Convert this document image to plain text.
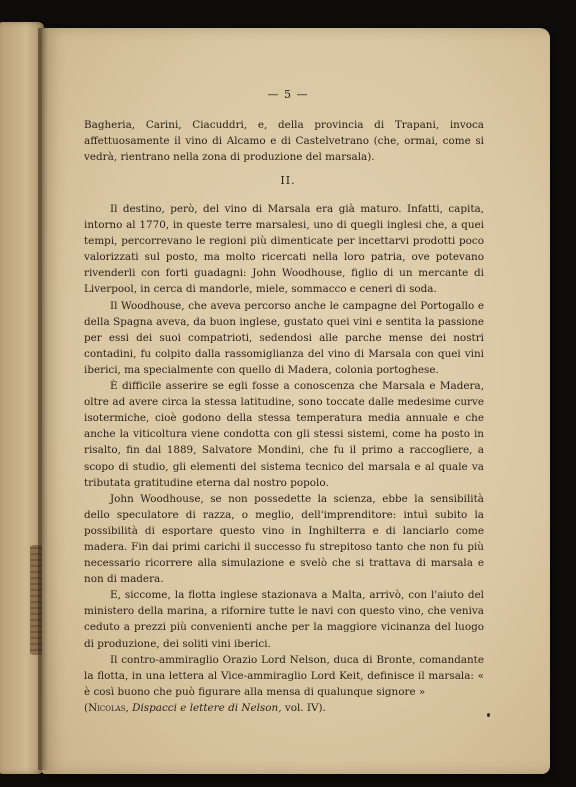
— 5 —

Bagheria, Carini, Ciacuddri, e, della provincia di Trapani, invoca affettuosamente il vino di Alcamo e di Castelvetrano (che, ormai, come si vedrà, rientrano nella zona di produzione del marsala).

II.

Il destino, però, del vino di Marsala era già maturo. Infatti, capita, intorno al 1770, in queste terre marsalesi, uno di quegli inglesi che, a quei tempi, percorrevano le regioni più dimenticate per incettarvi prodotti poco valorizzati sul posto, ma molto ricercati nella loro patria, ove potevano rivenderli con forti guadagni: John Woodhouse, figlio di un mercante di Liverpool, in cerca di mandorle, miele, sommacco e ceneri di soda.

Il Woodhouse, che aveva percorso anche le campagne del Portogallo e della Spagna aveva, da buon inglese, gustato quei vini e sentita la passione per essi dei suoi compatrioti, sedendosi alle parche mense dei nostri contadini, fu colpito dalla rassomiglianza del vino di Marsala con quei vini iberici, ma specialmente con quello di Madera, colonia portoghese.

È difficile asserire se egli fosse a conoscenza che Marsala e Madera, oltre ad avere circa la stessa latitudine, sono toccate dalle medesime curve isotermiche, cioè godono della stessa temperatura media annuale e che anche la viticoltura viene condotta con gli stessi sistemi, come ha posto in risalto, fin dal 1889, Salvatore Mondini, che fu il primo a raccogliere, a scopo di studio, gli elementi del sistema tecnico del marsala e al quale va tributata gratitudine eterna dal nostro popolo.

John Woodhouse, se non possedette la scienza, ebbe la sensibilità dello speculatore di razza, o meglio, dell'imprenditore: intuì subito la possibilità di esportare questo vino in Inghilterra e di lanciarlo come madera. Fin dai primi carichi il successo fu strepitoso tanto che non fu più necessario ricorrere alla simulazione e svelò che si trattava di marsala e non di madera.

E, siccome, la flotta inglese stazionava a Malta, arrivò, con l'aiuto del ministero della marina, a rifornire tutte le navi con questo vino, che veniva ceduto a prezzi più convenienti anche per la maggiore vicinanza del luogo di produzione, dei soliti vini iberici.

Il contro-ammiraglio Orazio Lord Nelson, duca di Bronte, comandante la flotta, in una lettera al Vice-ammiraglio Lord Keit, definisce il marsala: « è così buono che può figurare alla mensa di qualunque signore »
(Nicolas, Dispacci e lettere di Nelson, vol. IV).
